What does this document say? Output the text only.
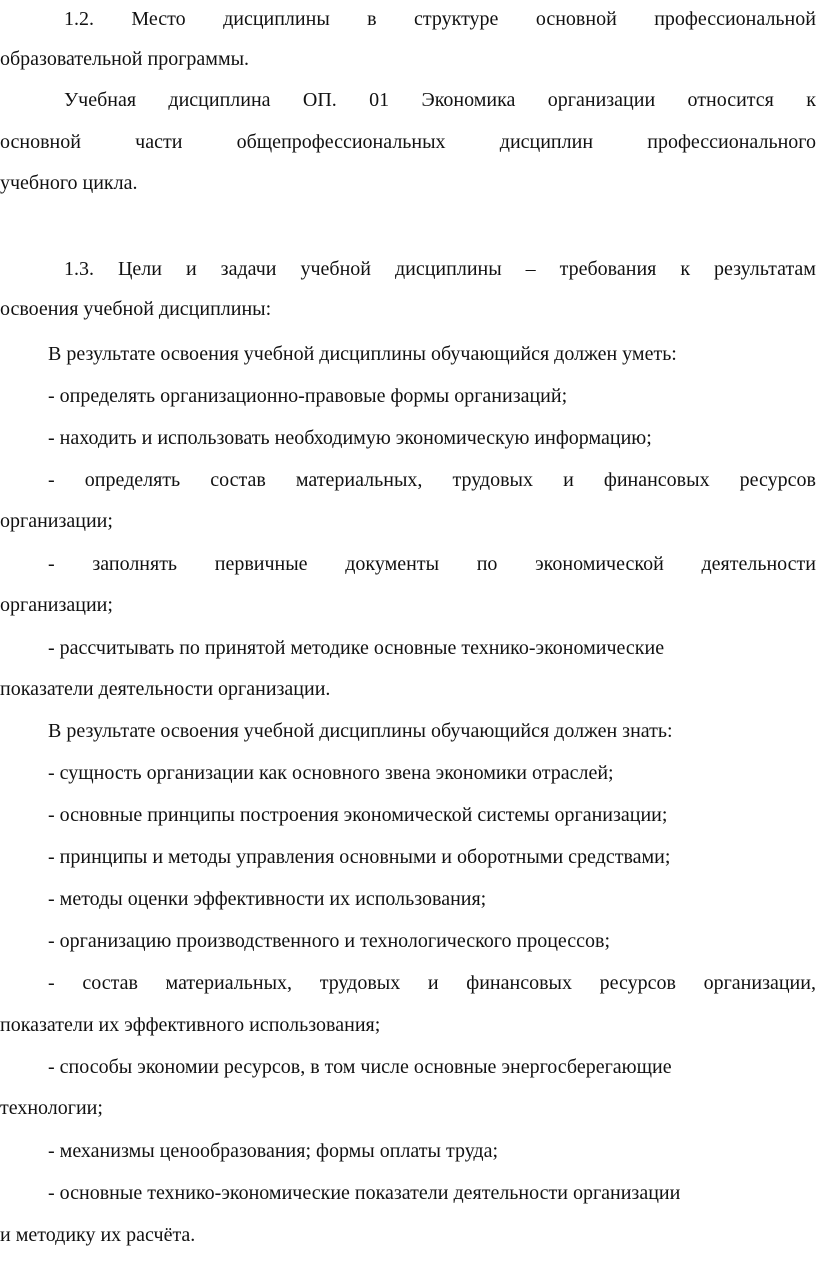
1.2. Место дисциплины в структуре основной профессиональной
образовательной программы.
Учебная дисциплина ОП. 01 Экономика организации относится к
основной	части	общепрофессиональных	дисциплин	профессионального
учебного цикла.
1.3. Цели и задачи учебной дисциплины – требования к результатам
освоения учебной дисциплины:
В результате освоения учебной дисциплины обучающийся должен уметь:
- определять организационно-правовые формы организаций;
- находить и использовать необходимую экономическую информацию;
- определять состав материальных, трудовых и финансовых ресурсов
организации;
- заполнять первичные документы по экономической деятельности
организации;
- рассчитывать по принятой методике основные технико-экономические
показатели деятельности организации.
В результате освоения учебной дисциплины обучающийся должен знать:
- сущность организации как основного звена экономики отраслей;
- основные принципы построения экономической системы организации;
- принципы и методы управления основными и оборотными средствами;
- методы оценки эффективности их использования;
- организацию производственного и технологического процессов;
- состав материальных, трудовых и финансовых ресурсов организации,
показатели их эффективного использования;
- способы экономии ресурсов, в том числе основные энергосберегающие
технологии;
- механизмы ценообразования; формы оплаты труда;
- основные технико-экономические показатели деятельности организации
и методику их расчёта.
